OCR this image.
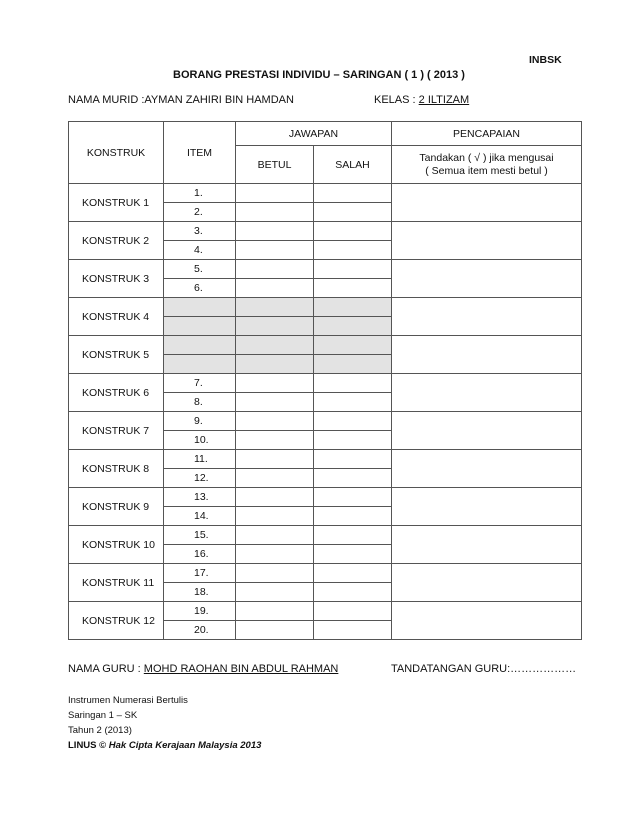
INBSK
BORANG PRESTASI INDIVIDU – SARINGAN ( 1 ) ( 2013 )
NAMA MURID :AYMAN ZAHIRI BIN HAMDAN	KELAS : 2 ILTIZAM
KONSTRUK	ITEM	JAWAPAN		PENCAPAIAN
		BETUL	SALAH	Tandakan ( √ ) jika mengusai
( Semua item mesti betul )

KONSTRUK 1	1.			
	2.			
KONSTRUK 2	3.			
	4.			
KONSTRUK 3	5.			
	6.			
KONSTRUK 4				

KONSTRUK 5				

KONSTRUK 6	7.			
	8.			
KONSTRUK 7	9.			
	10.			
KONSTRUK 8	11.			
	12.			
KONSTRUK 9	13.			
	14.			
KONSTRUK 10	15.			
	16.			
KONSTRUK 11	17.			
	18.			
KONSTRUK 12	19.			
	20.			
NAMA GURU : MOHD RAOHAN BIN ABDUL RAHMAN	TANDATANGAN GURU:………………
Instrumen Numerasi Bertulis
Saringan 1 – SK
Tahun 2 (2013)
LINUS © Hak Cipta Kerajaan Malaysia 2013
